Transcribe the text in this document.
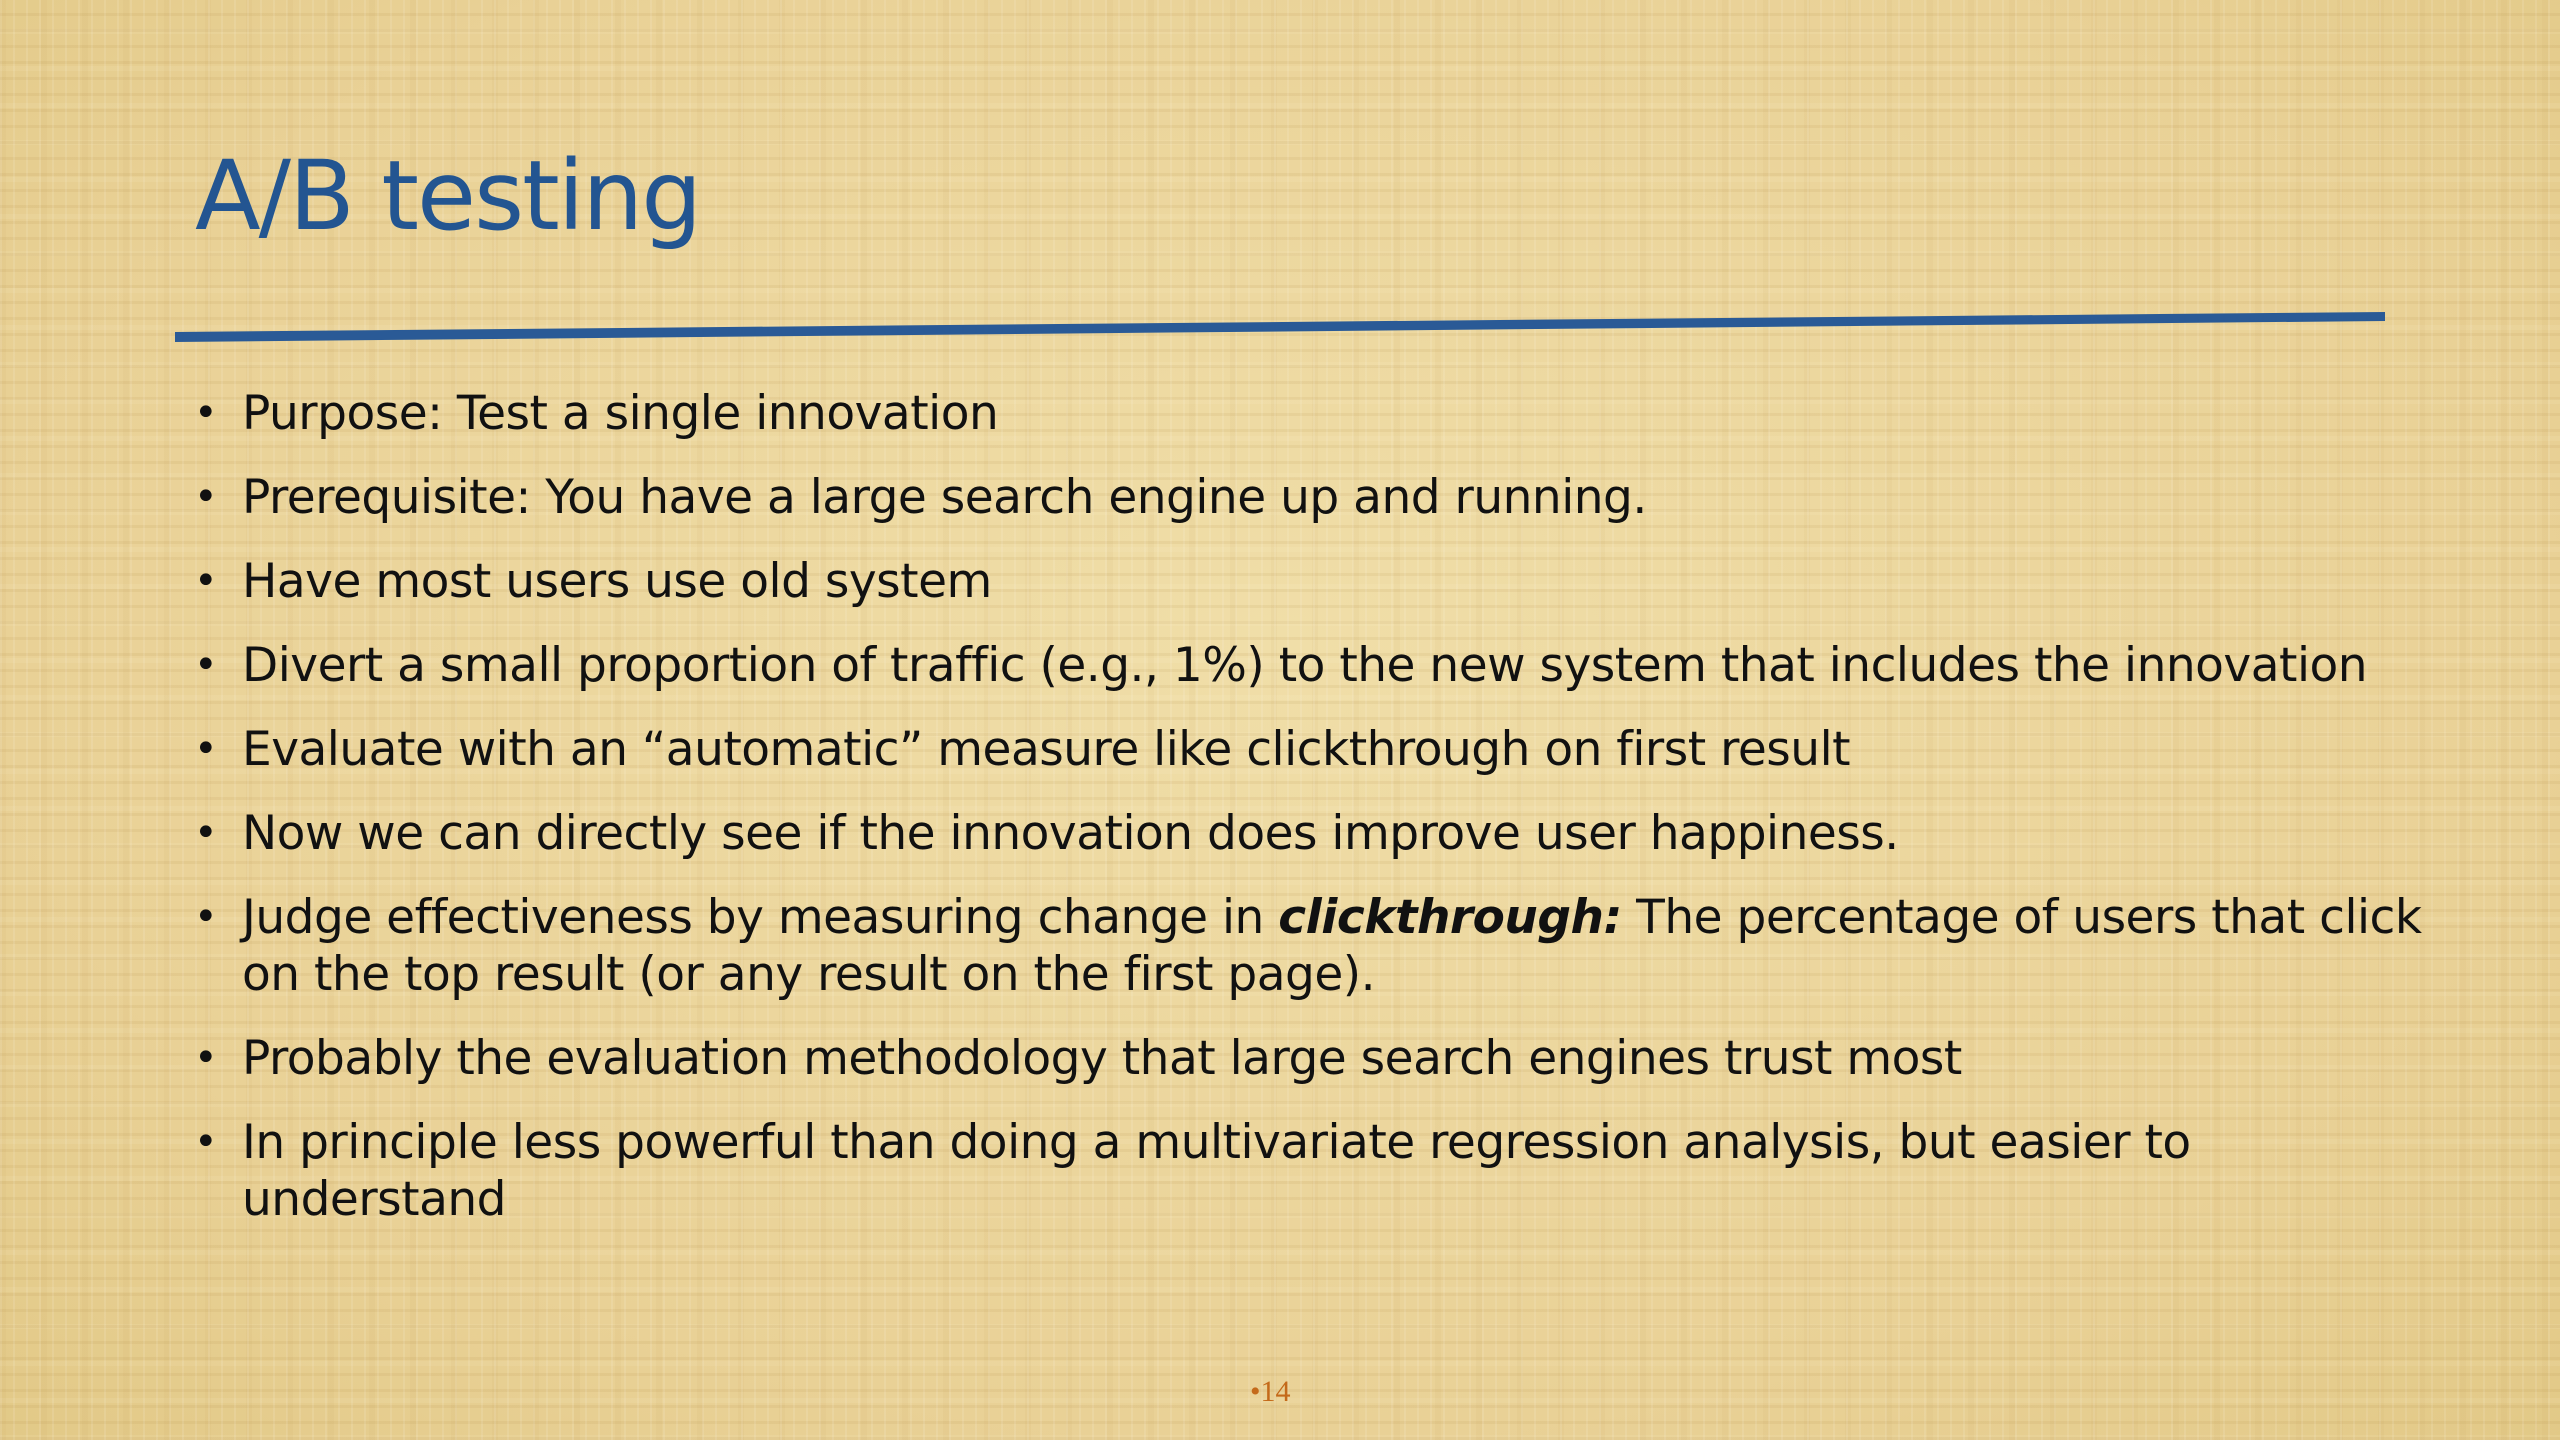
A/B testing
• Purpose: Test a single innovation
• Prerequisite: You have a large search engine up and running.
• Have most users use old system
• Divert a small proportion of traffic (e.g., 1%) to the new system that includes the innovation
• Evaluate with an “automatic” measure like clickthrough on first result
• Now we can directly see if the innovation does improve user happiness.
• Judge effectiveness by measuring change in clickthrough: The percentage of users that click on the top result (or any result on the first page).
• Probably the evaluation methodology that large search engines trust most
• In principle less powerful than doing a multivariate regression analysis, but easier to understand
•14
